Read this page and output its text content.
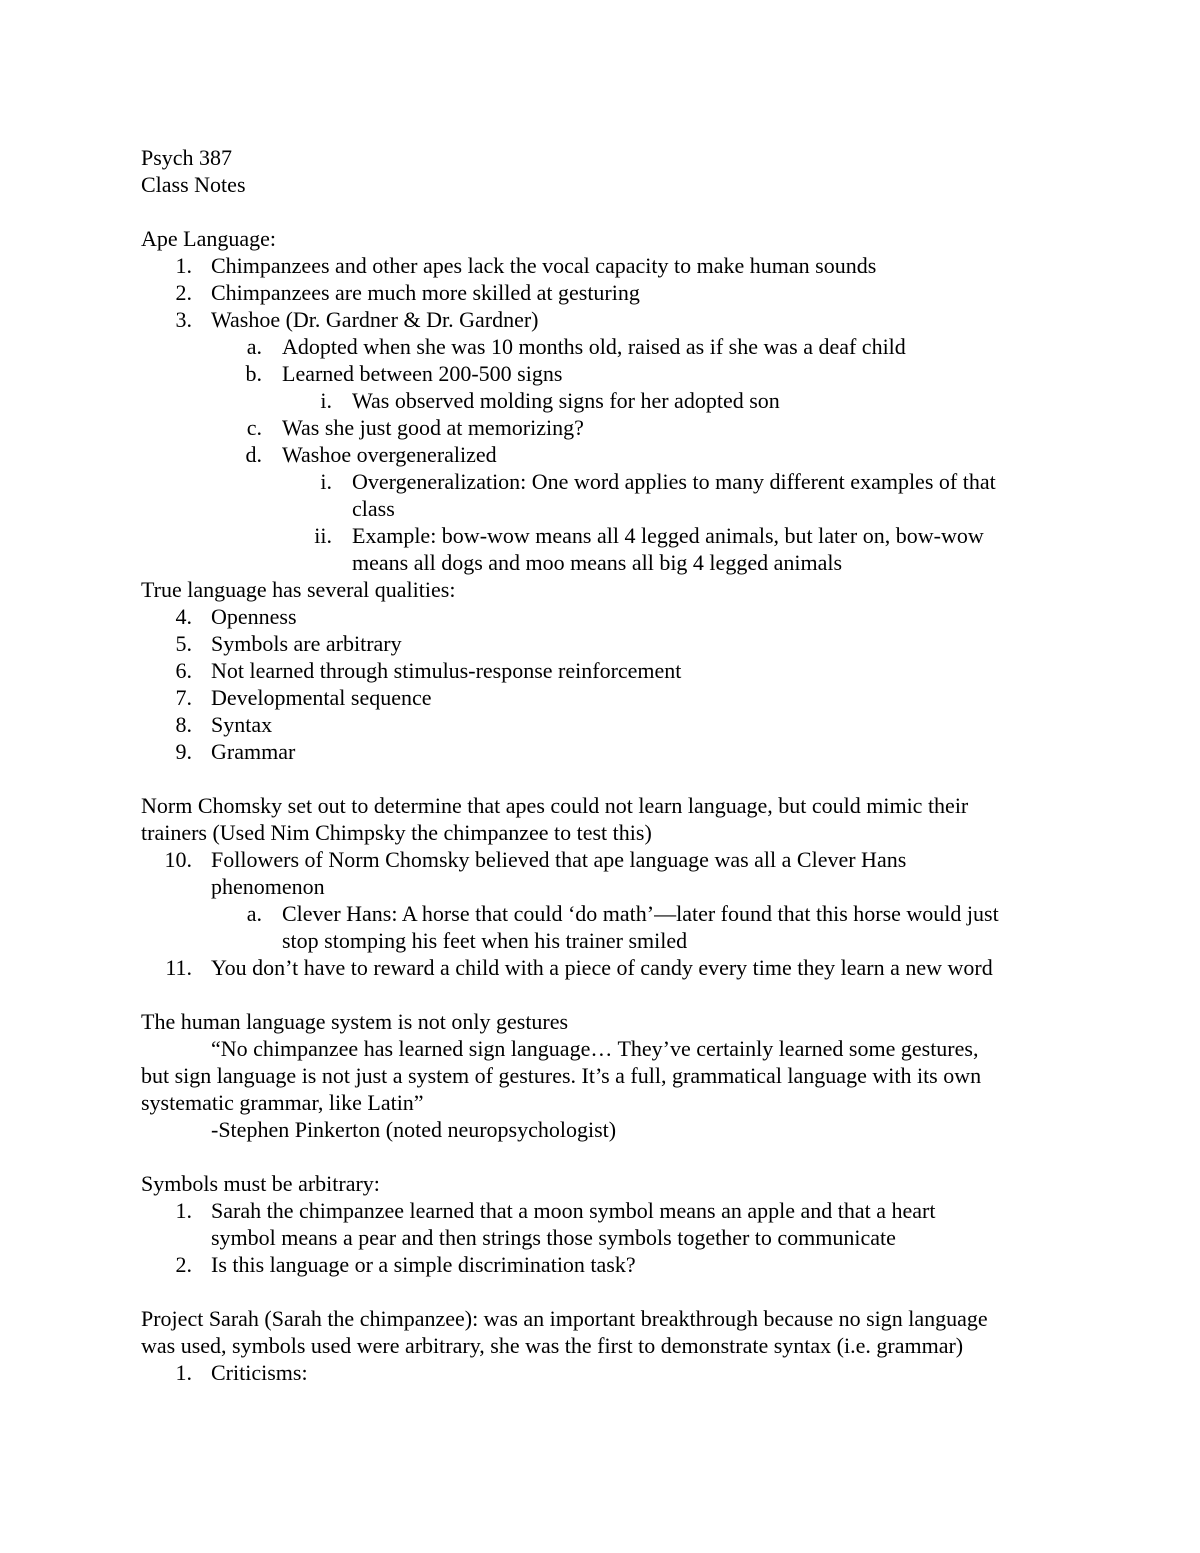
Psych 387
Class Notes
Ape Language:
1. Chimpanzees and other apes lack the vocal capacity to make human sounds
2. Chimpanzees are much more skilled at gesturing
3. Washoe (Dr. Gardner & Dr. Gardner)
a. Adopted when she was 10 months old, raised as if she was a deaf child
b. Learned between 200-500 signs
i. Was observed molding signs for her adopted son
c. Was she just good at memorizing?
d. Washoe overgeneralized
i. Overgeneralization: One word applies to many different examples of that
class
ii. Example: bow-wow means all 4 legged animals, but later on, bow-wow
means all dogs and moo means all big 4 legged animals
True language has several qualities:
4. Openness
5. Symbols are arbitrary
6. Not learned through stimulus-response reinforcement
7. Developmental sequence
8. Syntax
9. Grammar
Norm Chomsky set out to determine that apes could not learn language, but could mimic their
trainers (Used Nim Chimpsky the chimpanzee to test this)
10. Followers of Norm Chomsky believed that ape language was all a Clever Hans
phenomenon
a. Clever Hans: A horse that could ‘do math’—later found that this horse would just
stop stomping his feet when his trainer smiled
11. You don’t have to reward a child with a piece of candy every time they learn a new word
The human language system is not only gestures
“No chimpanzee has learned sign language… They’ve certainly learned some gestures,
but sign language is not just a system of gestures. It’s a full, grammatical language with its own
systematic grammar, like Latin”
-Stephen Pinkerton (noted neuropsychologist)
Symbols must be arbitrary:
1. Sarah the chimpanzee learned that a moon symbol means an apple and that a heart
symbol means a pear and then strings those symbols together to communicate
2. Is this language or a simple discrimination task?
Project Sarah (Sarah the chimpanzee): was an important breakthrough because no sign language
was used, symbols used were arbitrary, she was the first to demonstrate syntax (i.e. grammar)
1. Criticisms:
